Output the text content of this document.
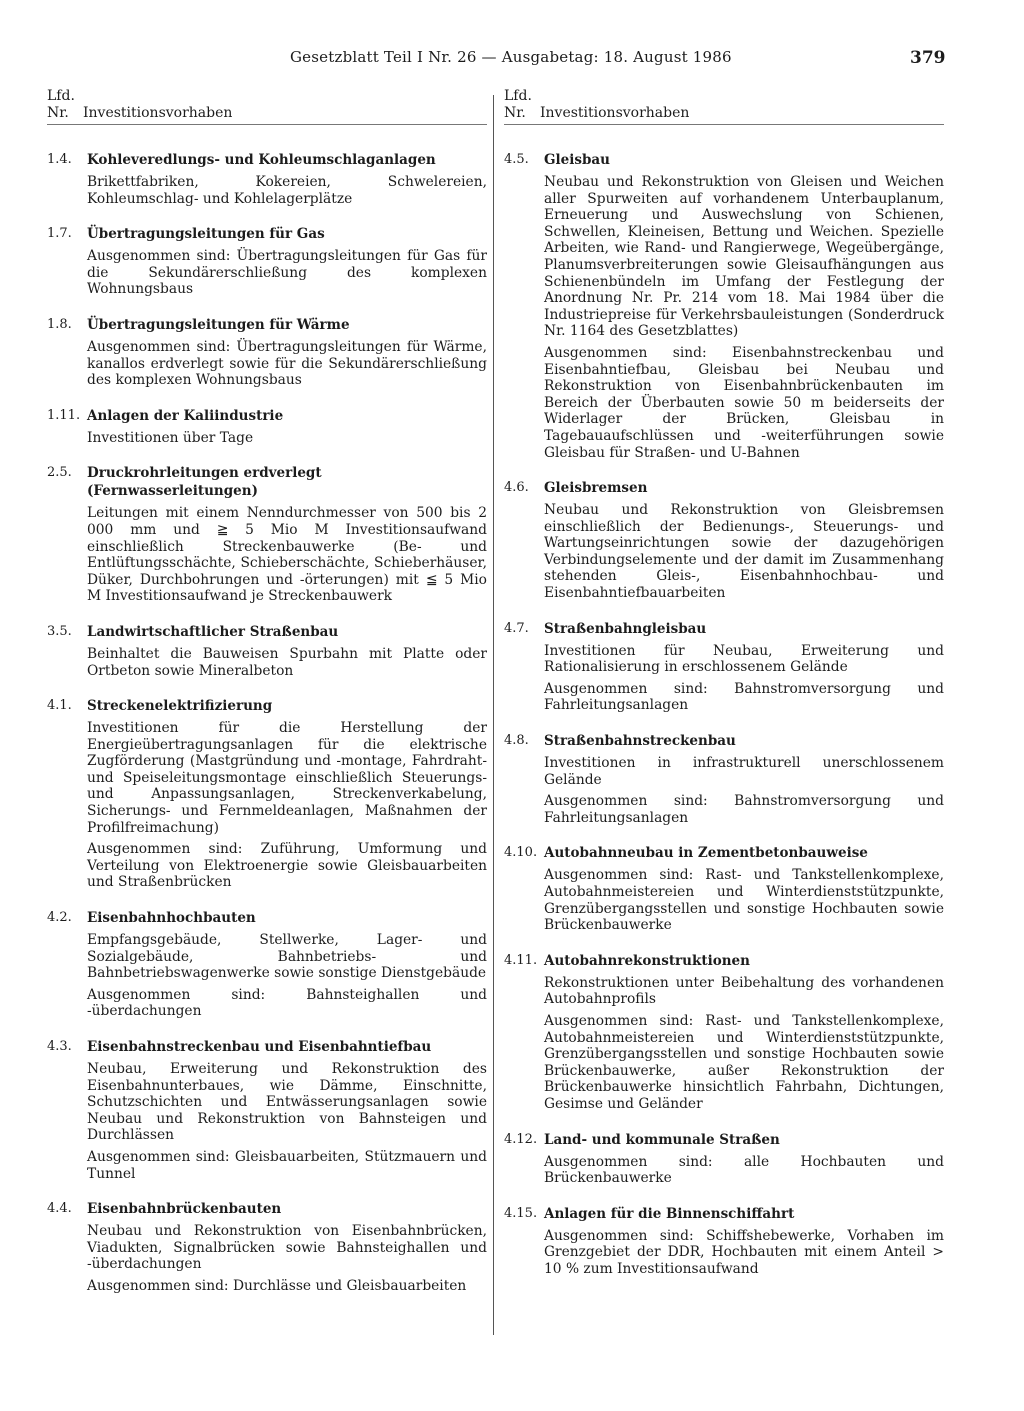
Gesetzblatt Teil I Nr. 26 — Ausgabetag: 18. August 1986	379
Lfd.
Nr.	Investitionsvorhaben
1.4.	Kohleveredlungs- und Kohleumschlaganlagen
Brikettfabriken, Kokereien, Schwelereien, Kohleumschlag- und Kohlelagerplätze
1.7.	Übertragungsleitungen für Gas
Ausgenommen sind: Übertragungsleitungen für Gas für die Sekundärerschließung des komplexen Wohnungsbaus
1.8.	Übertragungsleitungen für Wärme
Ausgenommen sind: Übertragungsleitungen für Wärme, kanallos erdverlegt sowie für die Sekundärerschließung des komplexen Wohnungsbaus
1.11. Anlagen der Kaliindustrie
Investitionen über Tage
2.5.	Druckrohrleitungen erdverlegt (Fernwasserleitungen)
Leitungen mit einem Nenndurchmesser von 500 bis 2 000 mm und ≧ 5 Mio M Investitionsaufwand einschließlich Streckenbauwerke (Be- und Entlüftungsschächte, Schieberschächte, Schieberhäuser, Düker, Durchbohrungen und -örterungen) mit ≦ 5 Mio M Investitionsaufwand je Streckenbauwerk
3.5.	Landwirtschaftlicher Straßenbau
Beinhaltet die Bauweisen Spurbahn mit Platte oder Ortbeton sowie Mineralbeton
4.1.	Streckenelektrifizierung
Investitionen für die Herstellung der Energieübertragungsanlagen für die elektrische Zugförderung (Mastgründung und -montage, Fahrdraht- und Speiseleitungsmontage einschließlich Steuerungs- und Anpassungsanlagen, Streckenverkabelung, Sicherungs- und Fernmeldeanlagen, Maßnahmen der Profilfreimachung)
Ausgenommen sind: Zuführung, Umformung und Verteilung von Elektroenergie sowie Gleisbauarbeiten und Straßenbrücken
4.2.	Eisenbahnhochbauten
Empfangsgebäude, Stellwerke, Lager- und Sozialgebäude, Bahnbetriebs- und Bahnbetriebswagenwerke sowie sonstige Dienstgebäude
Ausgenommen sind: Bahnsteighallen und -überdachungen
4.3.	Eisenbahnstreckenbau und Eisenbahntiefbau
Neubau, Erweiterung und Rekonstruktion des Eisenbahnunterbaues, wie Dämme, Einschnitte, Schutzschichten und Entwässerungsanlagen sowie Neubau und Rekonstruktion von Bahnsteigen und Durchlässen
Ausgenommen sind: Gleisbauarbeiten, Stützmauern und Tunnel
4.4.	Eisenbahnbrückenbauten
Neubau und Rekonstruktion von Eisenbahnbrücken, Viadukten, Signalbrücken sowie Bahnsteighallen und -überdachungen
Ausgenommen sind: Durchlässe und Gleisbauarbeiten
Lfd.
Nr.	Investitionsvorhaben
4.5.	Gleisbau
Neubau und Rekonstruktion von Gleisen und Weichen aller Spurweiten auf vorhandenem Unterbauplanum, Erneuerung und Auswechslung von Schienen, Schwellen, Kleineisen, Bettung und Weichen. Spezielle Arbeiten, wie Rand- und Rangierwege, Wegeübergänge, Planumsverbreiterungen sowie Gleisaufhängungen aus Schienenbündeln im Umfang der Festlegung der Anordnung Nr. Pr. 214 vom 18. Mai 1984 über die Industriepreise für Verkehrsbauleistungen (Sonderdruck Nr. 1164 des Gesetzblattes)
Ausgenommen sind: Eisenbahnstreckenbau und Eisenbahntiefbau, Gleisbau bei Neubau und Rekonstruktion von Eisenbahnbrückenbauten im Bereich der Überbauten sowie 50 m beiderseits der Widerlager der Brücken, Gleisbau in Tagebauaufschlüssen und -weiterführungen sowie Gleisbau für Straßen- und U-Bahnen
4.6.	Gleisbremsen
Neubau und Rekonstruktion von Gleisbremsen einschließlich der Bedienungs-, Steuerungs- und Wartungseinrichtungen sowie der dazugehörigen Verbindungselemente und der damit im Zusammenhang stehenden Gleis-, Eisenbahnhochbau- und Eisenbahntiefbauarbeiten
4.7.	Straßenbahngleisbau
Investitionen für Neubau, Erweiterung und Rationalisierung in erschlossenem Gelände
Ausgenommen sind: Bahnstromversorgung und Fahrleitungsanlagen
4.8.	Straßenbahnstreckenbau
Investitionen in infrastrukturell unerschlossenem Gelände
Ausgenommen sind: Bahnstromversorgung und Fahrleitungsanlagen
4.10. Autobahnneubau in Zementbetonbauweise
Ausgenommen sind: Rast- und Tankstellenkomplexe, Autobahnmeistereien und Winterdienststützpunkte, Grenzübergangsstellen und sonstige Hochbauten sowie Brückenbauwerke
4.11. Autobahnrekonstruktionen
Rekonstruktionen unter Beibehaltung des vorhandenen Autobahnprofils
Ausgenommen sind: Rast- und Tankstellenkomplexe, Autobahnmeistereien und Winterdienststützpunkte, Grenzübergangsstellen und sonstige Hochbauten sowie Brückenbauwerke, außer Rekonstruktion der Brückenbauwerke hinsichtlich Fahrbahn, Dichtungen, Gesimse und Geländer
4.12. Land- und kommunale Straßen
Ausgenommen sind: alle Hochbauten und Brückenbauwerke
4.15. Anlagen für die Binnenschiffahrt
Ausgenommen sind: Schiffshebewerke, Vorhaben im Grenzgebiet der DDR, Hochbauten mit einem Anteil > 10 % zum Investitionsaufwand
